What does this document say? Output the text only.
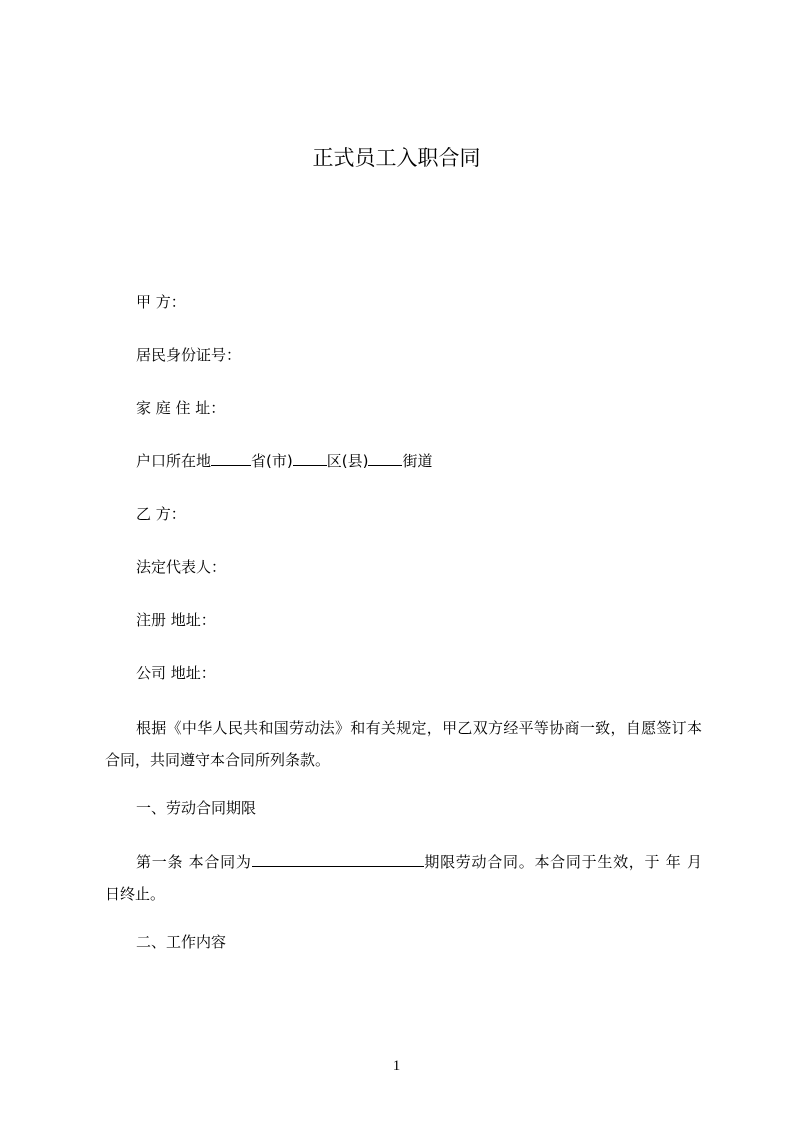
正式员工入职合同
甲 方：
居民身份证号：
家 庭 住 址：
户口所在地	省(市) 区(县) 街道
乙 方：
法定代表人：
注册 地址：
公司 地址：
根据《中华人民共和国劳动法》和有关规定，甲乙双方经平等协商一致，自愿签订本合同，共同遵守本合同所列条款。
一、劳动合同期限
第一条 本合同为	期限劳动合同。本合同于生效，于 年 月 日终止。
二、工作内容
1
